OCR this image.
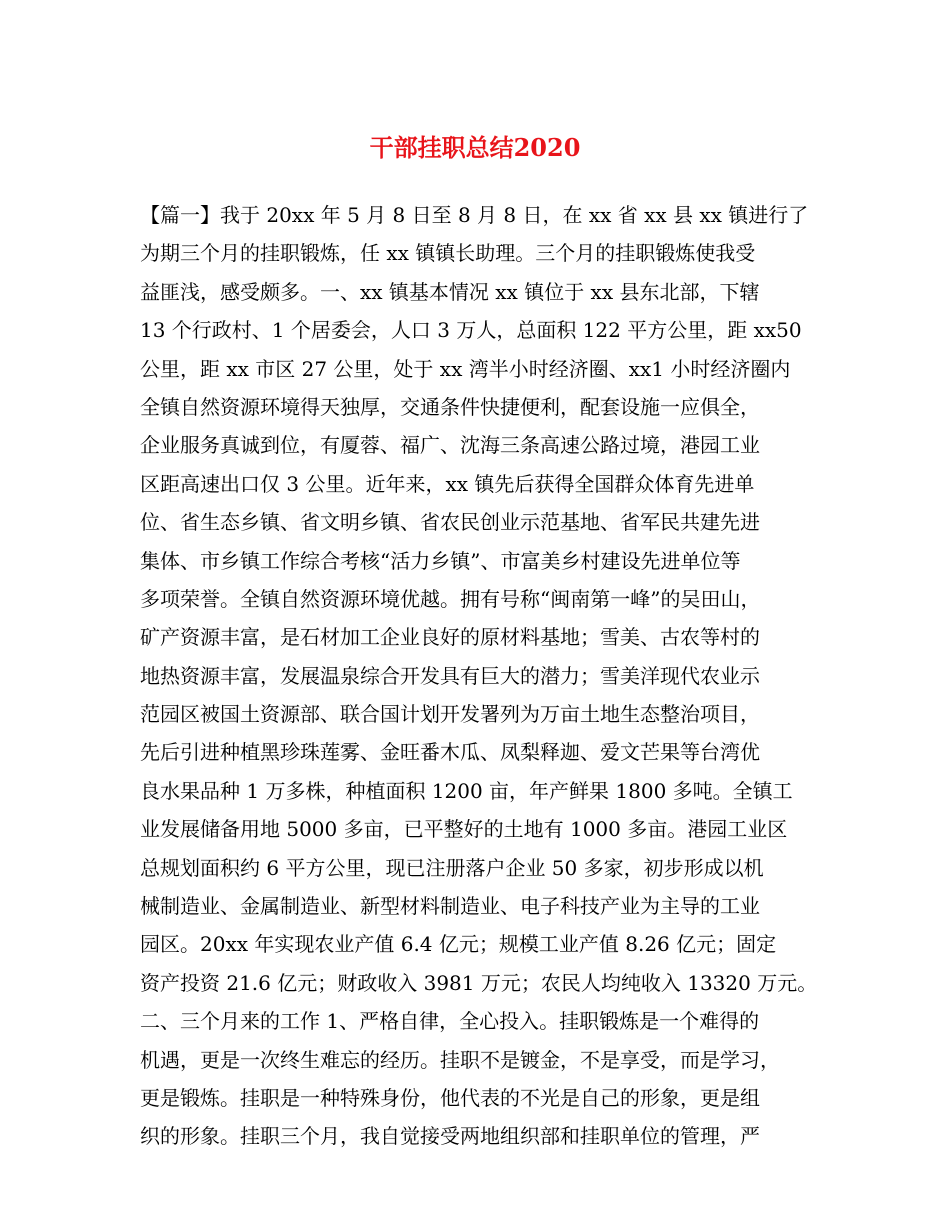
干部挂职总结2020
【篇一】我于 20xx 年 5 月 8 日至 8 月 8 日，在 xx 省 xx 县 xx 镇进行了
为期三个月的挂职锻炼，任 xx 镇镇长助理。三个月的挂职锻炼使我受
益匪浅，感受颇多。一、xx 镇基本情况 xx 镇位于 xx 县东北部，下辖
13 个行政村、1 个居委会，人口 3 万人，总面积 122 平方公里，距 xx50
公里，距 xx 市区 27 公里，处于 xx 湾半小时经济圈、xx1 小时经济圈内
全镇自然资源环境得天独厚，交通条件快捷便利，配套设施一应俱全，
企业服务真诚到位，有厦蓉、福广、沈海三条高速公路过境，港园工业
区距高速出口仅 3 公里。近年来，xx 镇先后获得全国群众体育先进单
位、省生态乡镇、省文明乡镇、省农民创业示范基地、省军民共建先进
集体、市乡镇工作综合考核“活力乡镇”、市富美乡村建设先进单位等
多项荣誉。全镇自然资源环境优越。拥有号称“闽南第一峰”的吴田山，
矿产资源丰富，是石材加工企业良好的原材料基地；雪美、古农等村的
地热资源丰富，发展温泉综合开发具有巨大的潜力；雪美洋现代农业示
范园区被国土资源部、联合国计划开发署列为万亩土地生态整治项目，
先后引进种植黑珍珠莲雾、金旺番木瓜、凤梨释迦、爱文芒果等台湾优
良水果品种 1 万多株，种植面积 1200 亩，年产鲜果 1800 多吨。全镇工
业发展储备用地 5000 多亩，已平整好的土地有 1000 多亩。港园工业区
总规划面积约 6 平方公里，现已注册落户企业 50 多家，初步形成以机
械制造业、金属制造业、新型材料制造业、电子科技产业为主导的工业
园区。20xx 年实现农业产值 6.4 亿元；规模工业产值 8.26 亿元；固定
资产投资 21.6 亿元；财政收入 3981 万元；农民人均纯收入 13320 万元。
二、三个月来的工作 1、严格自律，全心投入。挂职锻炼是一个难得的
机遇，更是一次终生难忘的经历。挂职不是镀金，不是享受，而是学习，
更是锻炼。挂职是一种特殊身份，他代表的不光是自己的形象，更是组
织的形象。挂职三个月，我自觉接受两地组织部和挂职单位的管理，严
